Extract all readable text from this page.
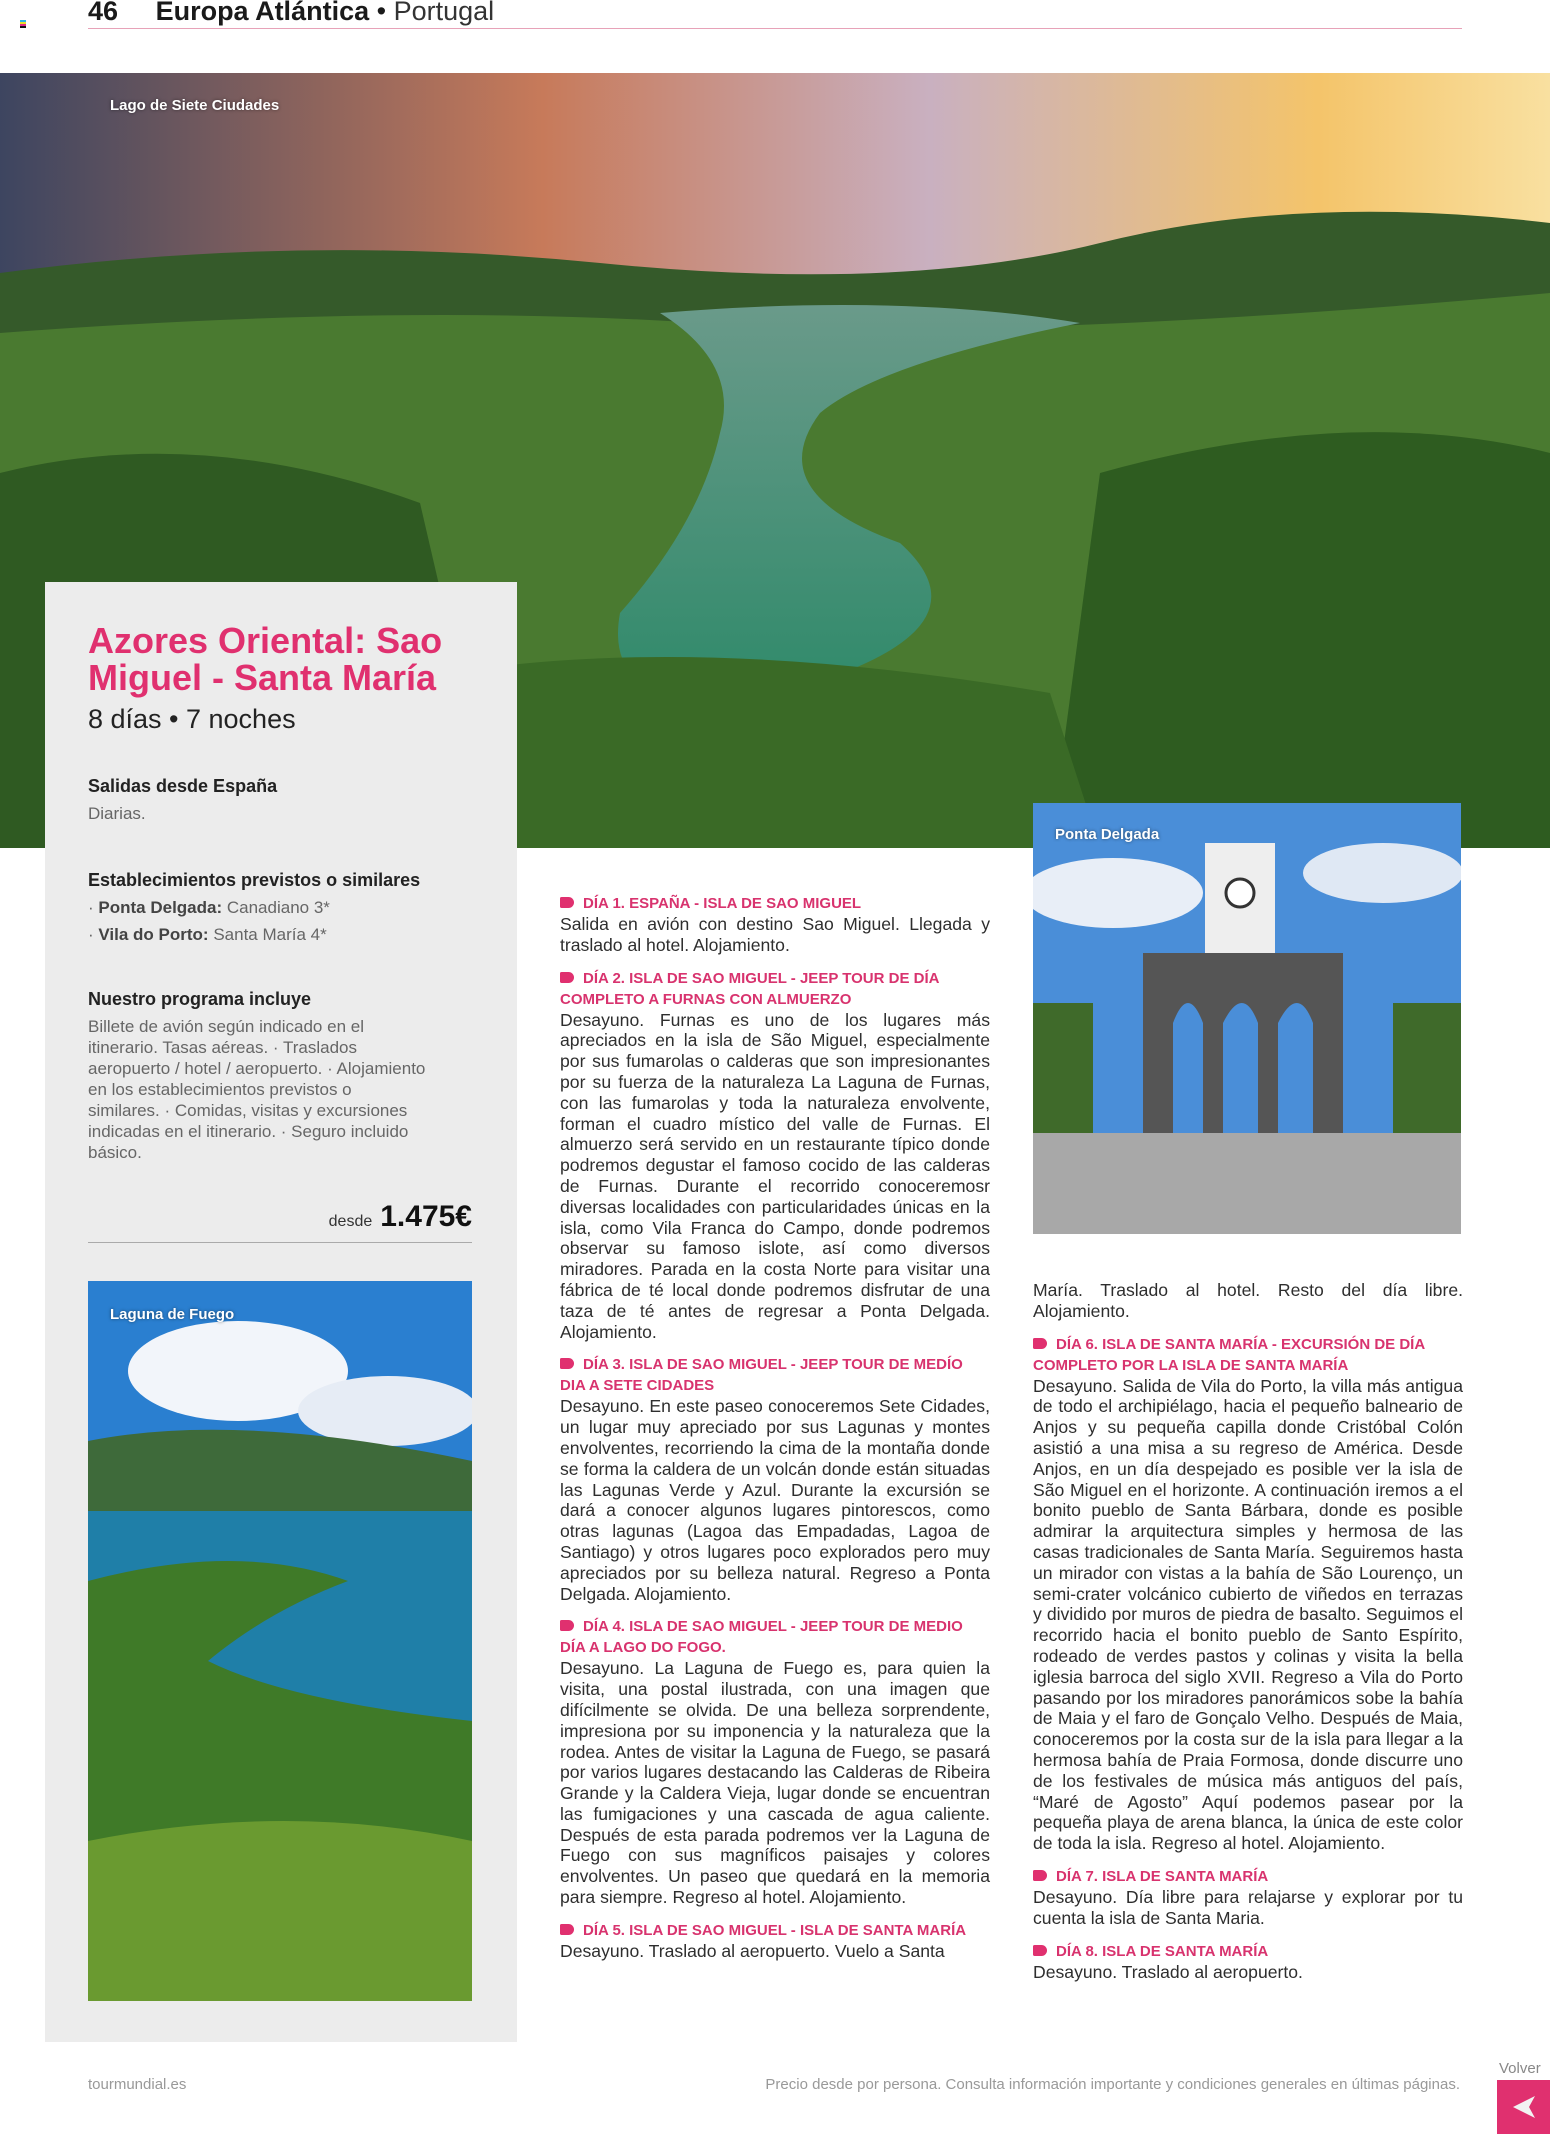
46 Europa Atlántica • Portugal
Lago de Siete Ciudades
Azores Oriental: Sao Miguel - Santa María
8 días • 7 noches
Salidas desde España

Diarias.

Establecimientos previstos o similares

· Ponta Delgada: Canadiano 3*

· Vila do Porto: Santa María 4*

Nuestro programa incluye

Billete de avión según indicado en el itinerario. Tasas aéreas. · Traslados aeropuerto / hotel / aeropuerto. · Alojamiento en los establecimientos previstos o similares. · Comidas, visitas y excursiones indicadas en el itinerario. · Seguro incluido básico.

desde 1.475€
Laguna de Fuego
Ponta Delgada
DÍA 1. ESPAÑA - ISLA DE SAO MIGUEL

Salida en avión con destino Sao Miguel. Llegada y traslado al hotel. Alojamiento.

DÍA 2. ISLA DE SAO MIGUEL - JEEP TOUR DE DÍA COMPLETO A FURNAS CON ALMUERZO

Desayuno. Furnas es uno de los lugares más apreciados en la isla de São Miguel, especialmente por sus fumarolas o calderas que son impresionantes por su fuerza de la naturaleza La Laguna de Furnas, con las fumarolas y toda la naturaleza envolvente, forman el cuadro místico del valle de Furnas. El almuerzo será servido en un restaurante típico donde podremos degustar el famoso cocido de las calderas de Furnas. Durante el recorrido conoceremosr diversas localidades con particularidades únicas en la isla, como Vila Franca do Campo, donde podremos observar su famoso islote, así como diversos miradores. Parada en la costa Norte para visitar una fábrica de té local donde podremos disfrutar de una taza de té antes de regresar a Ponta Delgada. Alojamiento.

DÍA 3. ISLA DE SAO MIGUEL - JEEP TOUR DE MEDÍO DIA A SETE CIDADES

Desayuno. En este paseo conoceremos Sete Cidades, un lugar muy apreciado por sus Lagunas y montes envolventes, recorriendo la cima de la montaña donde se forma la caldera de un volcán donde están situadas las Lagunas Verde y Azul. Durante la excursión se dará a conocer algunos lugares pintorescos, como otras lagunas (Lagoa das Empadadas, Lagoa de Santiago) y otros lugares poco explorados pero muy apreciados por su belleza natural. Regreso a Ponta Delgada. Alojamiento.

DÍA 4. ISLA DE SAO MIGUEL - JEEP TOUR DE MEDIO DÍA A LAGO DO FOGO.

Desayuno. La Laguna de Fuego es, para quien la visita, una postal ilustrada, con una imagen que difícilmente se olvida. De una belleza sorprendente, impresiona por su imponencia y la naturaleza que la rodea. Antes de visitar la Laguna de Fuego, se pasará por varios lugares destacando las Calderas de Ribeira Grande y la Caldera Vieja, lugar donde se encuentran las fumigaciones y una cascada de agua caliente. Después de esta parada podremos ver la Laguna de Fuego con sus magníficos paisajes y colores envolventes. Un paseo que quedará en la memoria para siempre. Regreso al hotel. Alojamiento.

DÍA 5. ISLA DE SAO MIGUEL - ISLA DE SANTA MARÍA

Desayuno. Traslado al aeropuerto. Vuelo a Santa

María. Traslado al hotel. Resto del día libre. Alojamiento.

DÍA 6. ISLA DE SANTA MARÍA - EXCURSIÓN DE DÍA COMPLETO POR LA ISLA DE SANTA MARÍA

Desayuno. Salida de Vila do Porto, la villa más antigua de todo el archipiélago, hacia el pequeño balneario de Anjos y su pequeña capilla donde Cristóbal Colón asistió a una misa a su regreso de América. Desde Anjos, en un día despejado es posible ver la isla de São Miguel en el horizonte. A continuación iremos a el bonito pueblo de Santa Bárbara, donde es posible admirar la arquitectura simples y hermosa de las casas tradicionales de Santa María. Seguiremos hasta un mirador con vistas a la bahía de São Lourenço, un semi-crater volcánico cubierto de viñedos en terrazas y dividido por muros de piedra de basalto. Seguimos el recorrido hacia el bonito pueblo de Santo Espírito, rodeado de verdes pastos y colinas y visita la bella iglesia barroca del siglo XVII. Regreso a Vila do Porto pasando por los miradores panorámicos sobe la bahía de Maia y el faro de Gonçalo Velho. Después de Maia, conoceremos por la costa sur de la isla para llegar a la hermosa bahía de Praia Formosa, donde discurre uno de los festivales de música más antiguos del país, “Maré de Agosto” Aquí podemos pasear por la pequeña playa de arena blanca, la única de este color de toda la isla. Regreso al hotel. Alojamiento.

DÍA 7. ISLA DE SANTA MARÍA

Desayuno. Día libre para relajarse y explorar por tu cuenta la isla de Santa Maria.

DÍA 8. ISLA DE SANTA MARÍA

Desayuno. Traslado al aeropuerto.

tourmundial.es	Precio desde por persona. Consulta información importante y condiciones generales en últimas páginas.
Volver
